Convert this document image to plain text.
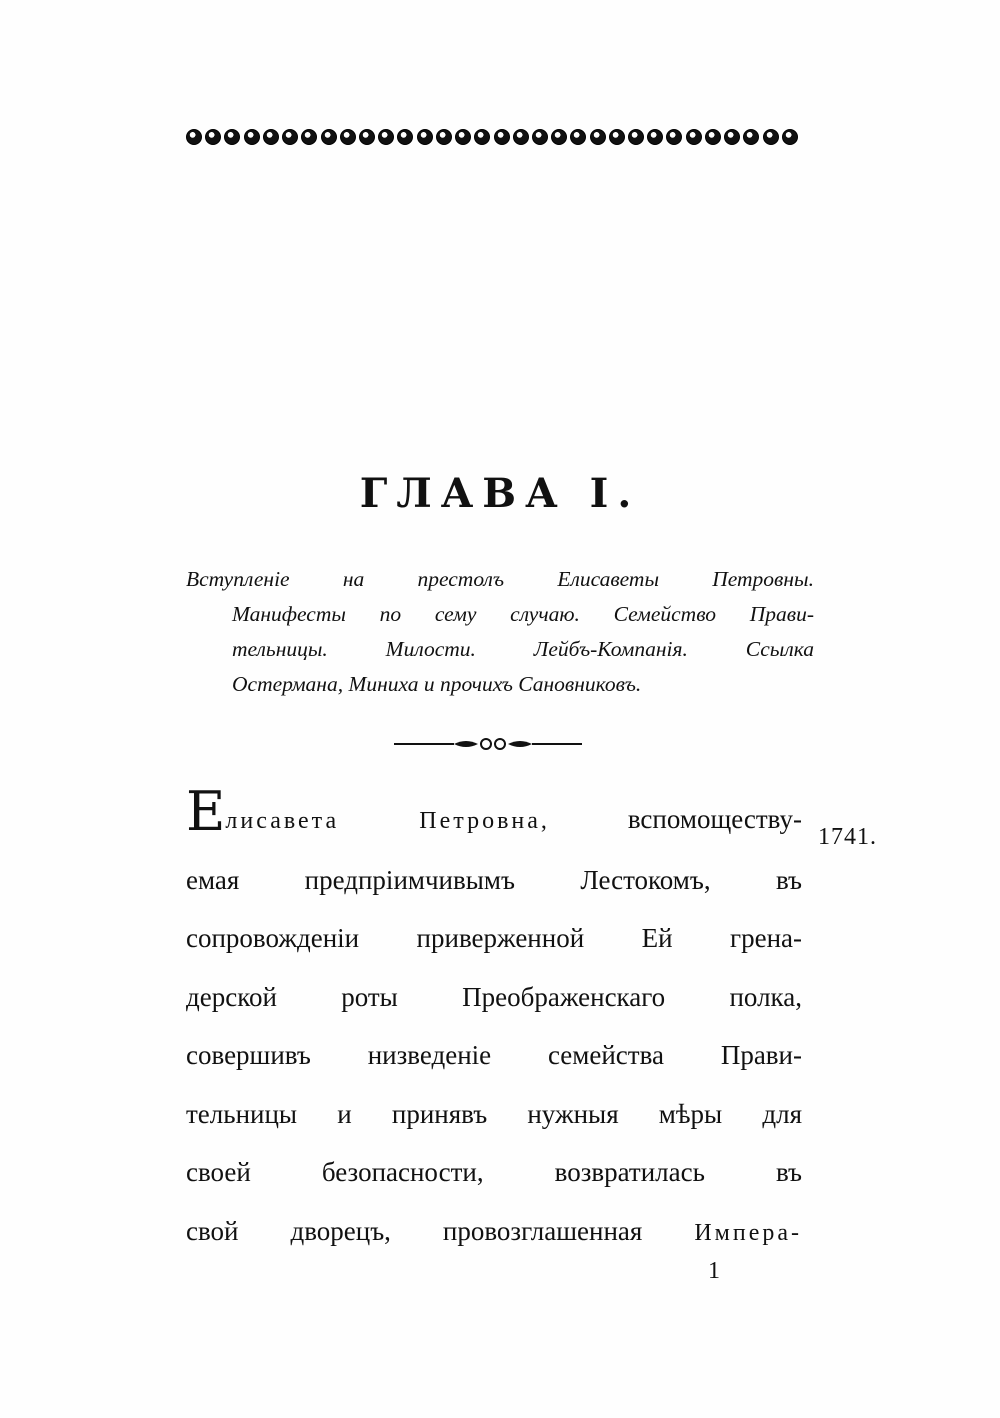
ГЛАВА I.
Вступленіе на престолъ Елисаветы Петровны.
Манифесты по сему случаю. Семейство Прави-
тельницы. Милости. Лейбъ-Компанія. Ссылка
Остермана, Миниха и прочихъ Сановниковъ.
Елисавета Петровна,	вспомоществу-
емая предпріимчивымъ Лестокомъ, въ
сопровожденіи приверженной Ей грена-
дерской роты Преображенскаго полка,
совершивъ низведеніе семейства Прави-
тельницы и принявъ нужныя мѣры для
своей безопасности, возвратилась въ
свой дворецъ, провозглашенная Импера-
1741.
1
